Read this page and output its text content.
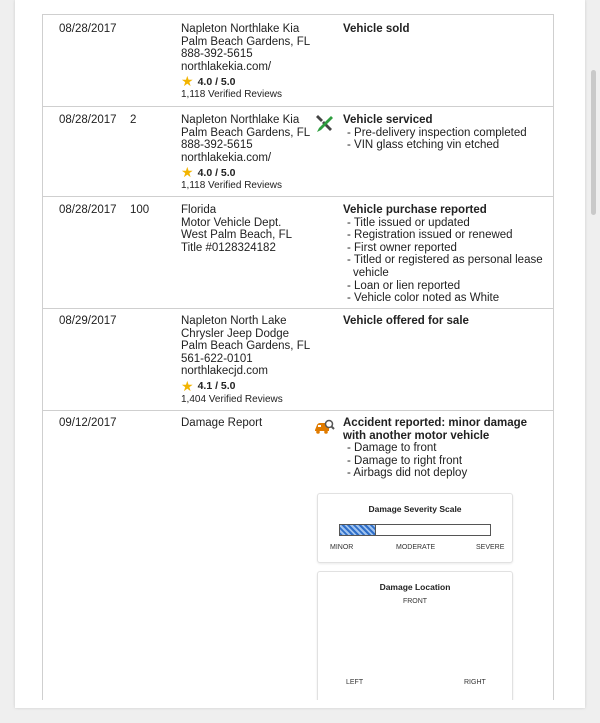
08/28/2017	Napleton Northlake Kia
Palm Beach Gardens, FL
888-392-5615
northlakekia.com/
★ 4.0 / 5.0
1,118 Verified Reviews
Vehicle sold
08/28/2017 2	Napleton Northlake Kia
Palm Beach Gardens, FL
888-392-5615
northlakekia.com/
★ 4.0 / 5.0
1,118 Verified Reviews
Vehicle serviced
- Pre-delivery inspection completed
- VIN glass etching vin etched
08/28/2017 100	Florida
Motor Vehicle Dept.
West Palm Beach, FL
Title #0128324182
Vehicle purchase reported
- Title issued or updated
- Registration issued or renewed
- First owner reported
- Titled or registered as personal lease vehicle
- Loan or lien reported
- Vehicle color noted as White
08/29/2017	Napleton North Lake
Chrysler Jeep Dodge
Palm Beach Gardens, FL
561-622-0101
northlakecjd.com
★ 4.1 / 5.0
1,404 Verified Reviews
Vehicle offered for sale
09/12/2017	Damage Report	Accident reported: minor damage with another motor vehicle
- Damage to front
- Damage to right front
- Airbags did not deploy
Damage Severity Scale
MINOR	MODERATE	SEVERE
Damage Location
FRONT
LEFT	RIGHT
